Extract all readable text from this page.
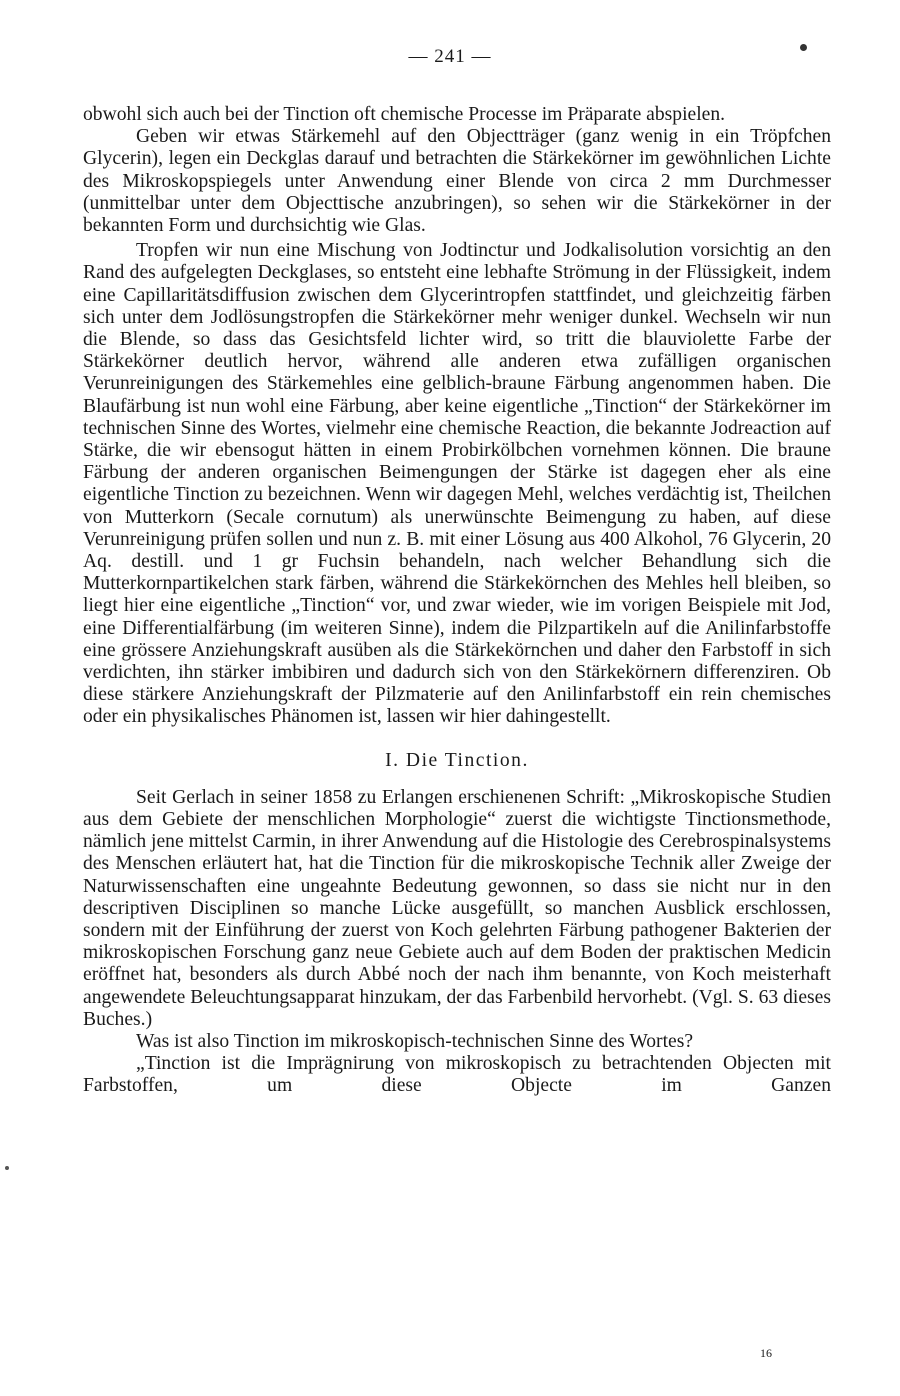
— 241 —

obwohl sich auch bei der Tinction oft chemische Processe im Präparate abspielen.

Geben wir etwas Stärkemehl auf den Objectträger (ganz wenig in ein Tröpfchen Glycerin), legen ein Deckglas darauf und betrachten die Stärkekörner im gewöhnlichen Lichte des Mikroskopspiegels unter Anwendung einer Blende von circa 2 mm Durchmesser (unmittelbar unter dem Objecttische anzubringen), so sehen wir die Stärkekörner in der bekannten Form und durchsichtig wie Glas.

Tropfen wir nun eine Mischung von Jodtinctur und Jodkalisolution vorsichtig an den Rand des aufgelegten Deckglases, so entsteht eine lebhafte Strömung in der Flüssigkeit, indem eine Capillaritätsdiffusion zwischen dem Glycerintropfen stattfindet, und gleichzeitig färben sich unter dem Jodlösungstropfen die Stärkekörner mehr weniger dunkel. Wechseln wir nun die Blende, so dass das Gesichtsfeld lichter wird, so tritt die blauviolette Farbe der Stärkekörner deutlich hervor, während alle anderen etwa zufälligen organischen Verunreinigungen des Stärkemehles eine gelblich-braune Färbung angenommen haben. Die Blaufärbung ist nun wohl eine Färbung, aber keine eigentliche „Tinction“ der Stärkekörner im technischen Sinne des Wortes, vielmehr eine chemische Reaction, die bekannte Jodreaction auf Stärke, die wir ebensogut hätten in einem Probirkölbchen vornehmen können. Die braune Färbung der anderen organischen Beimengungen der Stärke ist dagegen eher als eine eigentliche Tinction zu bezeichnen. Wenn wir dagegen Mehl, welches verdächtig ist, Theilchen von Mutterkorn (Secale cornutum) als unerwünschte Beimengung zu haben, auf diese Verunreinigung prüfen sollen und nun z. B. mit einer Lösung aus 400 Alkohol, 76 Glycerin, 20 Aq. destill. und 1 gr Fuchsin behandeln, nach welcher Behandlung sich die Mutterkornpartikelchen stark färben, während die Stärkekörnchen des Mehles hell bleiben, so liegt hier eine eigentliche „Tinction“ vor, und zwar wieder, wie im vorigen Beispiele mit Jod, eine Differentialfärbung (im weiteren Sinne), indem die Pilzpartikeln auf die Anilinfarbstoffe eine grössere Anziehungskraft ausüben als die Stärkekörnchen und daher den Farbstoff in sich verdichten, ihn stärker imbibiren und dadurch sich von den Stärkekörnern differenziren. Ob diese stärkere Anziehungskraft der Pilzmaterie auf den Anilinfarbstoff ein rein chemisches oder ein physikalisches Phänomen ist, lassen wir hier dahingestellt.

I. Die Tinction.

Seit Gerlach in seiner 1858 zu Erlangen erschienenen Schrift: „Mikroskopische Studien aus dem Gebiete der menschlichen Morphologie“ zuerst die wichtigste Tinctionsmethode, nämlich jene mittelst Carmin, in ihrer Anwendung auf die Histologie des Cerebrospinalsystems des Menschen erläutert hat, hat die Tinction für die mikroskopische Technik aller Zweige der Naturwissenschaften eine ungeahnte Bedeutung gewonnen, so dass sie nicht nur in den descriptiven Disciplinen so manche Lücke ausgefüllt, so manchen Ausblick erschlossen, sondern mit der Einführung der zuerst von Koch gelehrten Färbung pathogener Bakterien der mikroskopischen Forschung ganz neue Gebiete auch auf dem Boden der praktischen Medicin eröffnet hat, besonders als durch Abbé noch der nach ihm benannte, von Koch meisterhaft angewendete Beleuchtungsapparat hinzukam, der das Farbenbild hervorhebt. (Vgl. S. 63 dieses Buches.)

Was ist also Tinction im mikroskopisch-technischen Sinne des Wortes?

„Tinction ist die Imprägnirung von mikroskopisch zu betrachtenden Objecten mit Farbstoffen, um diese Objecte im Ganzen

16
